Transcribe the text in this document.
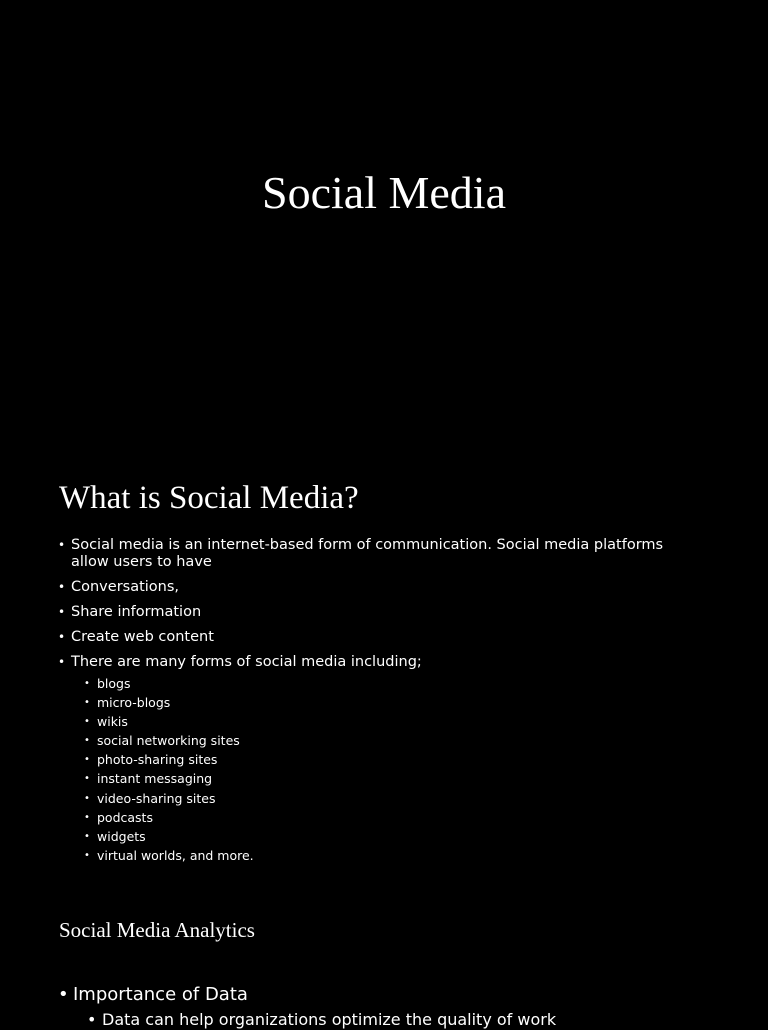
Social Media
What is Social Media?
• Social media is an internet-based form of communication. Social media platforms allow users to have
• Conversations,
• Share information
• Create web content
• There are many forms of social media including;
• blogs
• micro-blogs
• wikis
• social networking sites
• photo-sharing sites
• instant messaging
• video-sharing sites
• podcasts
• widgets
• virtual worlds, and more.
Social Media Analytics
• Importance of Data
• Data can help organizations optimize the quality of work
